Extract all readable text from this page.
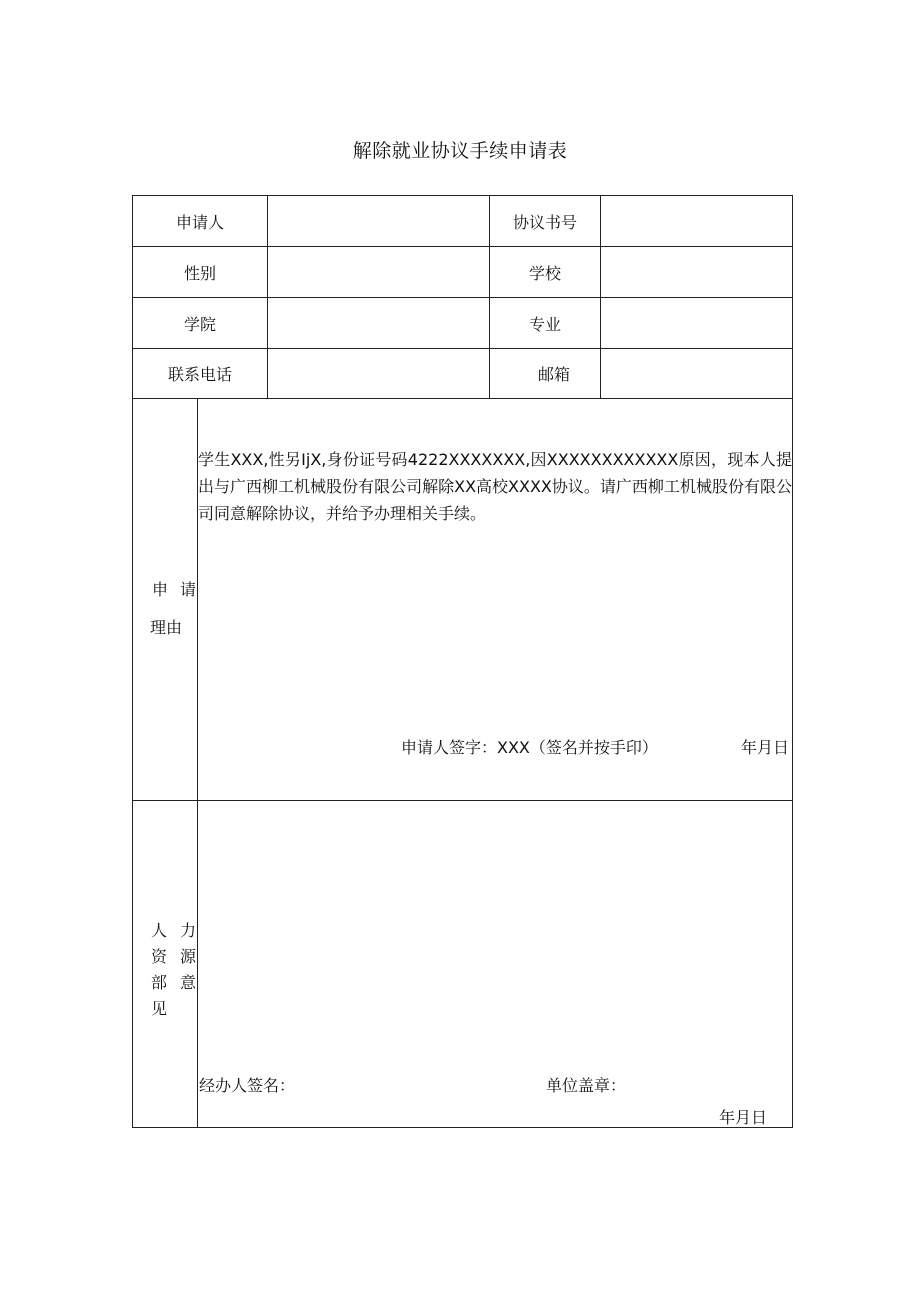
解除就业协议手续申请表
申请人	协议书号
性别	学校
学院	专业
联系电话	邮箱
申 请
理由
学生XXX,性另IjX,身份证号码4222XXXXXXX,因XXXXXXXXXXXX原因，现本人提出与广西柳工机械股份有限公司解除XX高校XXXX协议。请广西柳工机械股份有限公司同意解除协议，并给予办理相关手续。
申请人签字：XXX（签名并按手印）	年月日
人 力
资 源
部 意
见
经办人签名：	单位盖章：
年月日
